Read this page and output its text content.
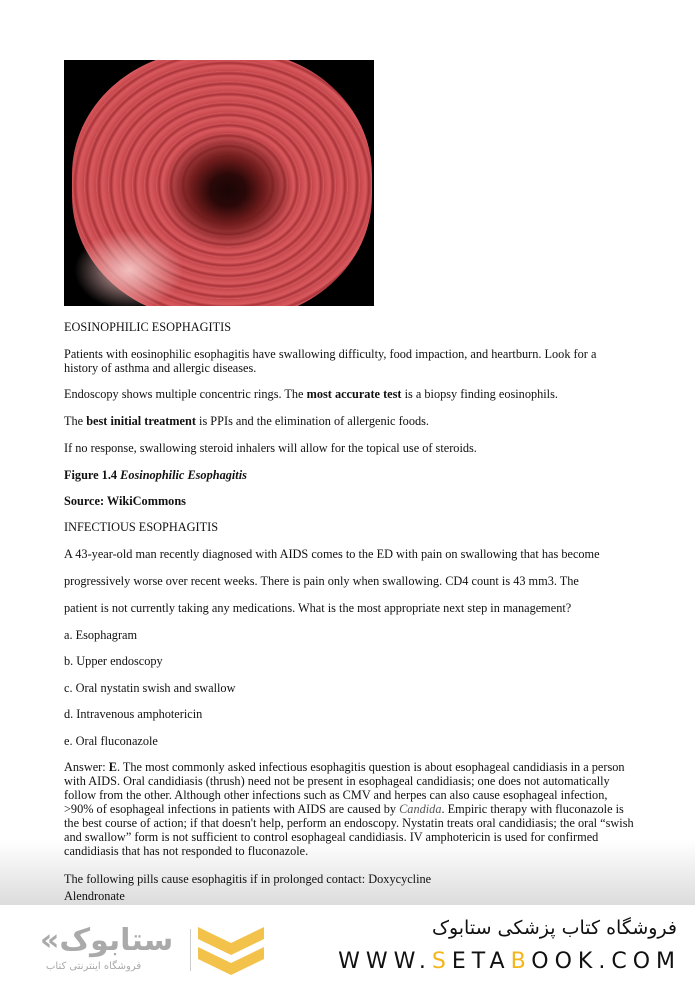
EOSINOPHILIC ESOPHAGITIS

Patients with eosinophilic esophagitis have swallowing difficulty, food impaction, and heartburn. Look for a history of asthma and allergic diseases.

Endoscopy shows multiple concentric rings. The most accurate test is a biopsy finding eosinophils.

The best initial treatment is PPIs and the elimination of allergenic foods.

If no response, swallowing steroid inhalers will allow for the topical use of steroids.

Figure 1.4 Eosinophilic Esophagitis

Source: WikiCommons

INFECTIOUS ESOPHAGITIS

A 43-year-old man recently diagnosed with AIDS comes to the ED with pain on swallowing that has become

progressively worse over recent weeks. There is pain only when swallowing. CD4 count is 43 mm3. The

patient is not currently taking any medications. What is the most appropriate next step in management?

a. Esophagram

b. Upper endoscopy

c. Oral nystatin swish and swallow

d. Intravenous amphotericin

e. Oral fluconazole

Answer: E. The most commonly asked infectious esophagitis question is about esophageal candidiasis in a person with AIDS. Oral candidiasis (thrush) need not be present in esophageal candidiasis; one does not automatically follow from the other. Although other infections such as CMV and herpes can also cause esophageal infection, >90% of esophageal infections in patients with AIDS are caused by Candida. Empiric therapy with fluconazole is the best course of action; if that doesn't help, perform an endoscopy. Nystatin treats oral candidiasis; the oral “swish and swallow” form is not sufficient to control esophageal candidiasis. IV amphotericin is used for confirmed candidiasis that has not responded to fluconazole.

The following pills cause esophagitis if in prolonged contact: Doxycycline

Alendronate

«ستابوک
فروشگاه اینترنتی کتاب
فروشگاه کتاب پزشکی ستابوک
WWW.SETABOOK.COM
